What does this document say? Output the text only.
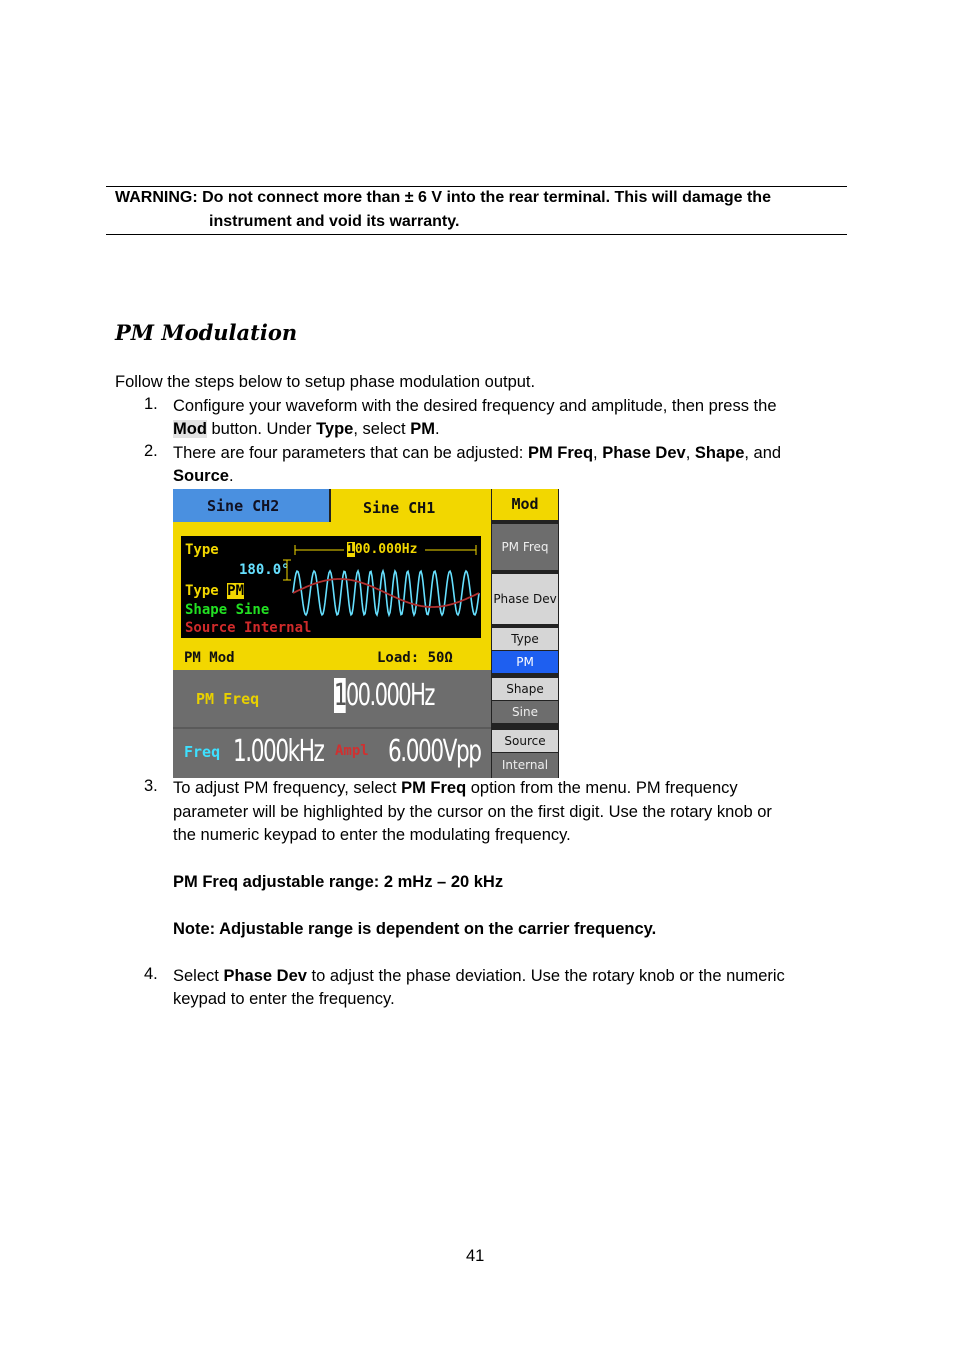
WARNING: Do not connect more than ± 6 V into the rear terminal. This will damage the
instrument and void its warranty.
PM Modulation
Follow the steps below to setup phase modulation output.
1. Configure your waveform with the desired frequency and amplitude, then press the
Mod button. Under Type, select PM.
2. There are four parameters that can be adjusted: PM Freq, Phase Dev, Shape, and
Source.
Sine CH2	Sine CH1
Type
180.0°
Type PM
Shape Sine
Source Internal
100.000Hz
PM Mod	Load: 50Ω
PM Freq 100.000Hz
Freq 1.000kHz Ampl 6.000Vpp
Mod
PM Freq
Phase Dev
Type
PM
Shape
Sine
Source
Internal
3. To adjust PM frequency, select PM Freq option from the menu. PM frequency
parameter will be highlighted by the cursor on the first digit. Use the rotary knob or
the numeric keypad to enter the modulating frequency.
PM Freq adjustable range: 2 mHz – 20 kHz
Note: Adjustable range is dependent on the carrier frequency.
4. Select Phase Dev to adjust the phase deviation. Use the rotary knob or the numeric
keypad to enter the frequency.
41
